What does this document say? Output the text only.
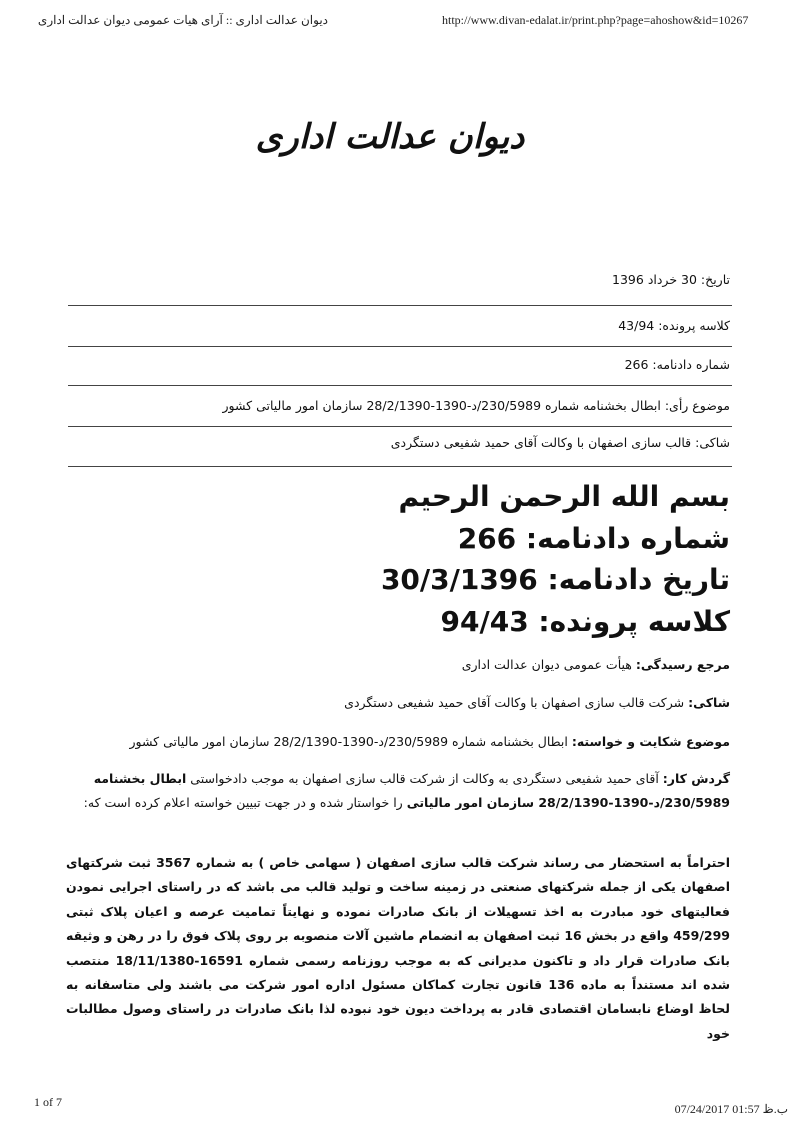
دیوان عدالت اداری :: آرای هیات عمومی دیوان عدالت اداری	http://www.divan-edalat.ir/print.php?page=ahoshow&id=10267
دیوان عدالت اداری
تاریخ: 30 خرداد 1396
کلاسه پرونده: 43/94
شماره دادنامه: 266
موضوع رأی: ابطال بخشنامه شماره 230/5989/د-1390-28/2/1390 سازمان امور مالیاتی کشور
شاکی: قالب سازی اصفهان با وکالت آقای حمید شفیعی دستگردی
بسم الله الرحمن الرحیم
شماره دادنامه: 266
تاریخ دادنامه: 30/3/1396
کلاسه پرونده: 94/43
مرجع رسیدگی: هیأت عمومی دیوان عدالت اداری
شاکی: شرکت قالب سازی اصفهان با وکالت آقای حمید شفیعی دستگردی
موضوع شکایت و خواسته: ابطال بخشنامه شماره 230/5989/د-1390-28/2/1390 سازمان امور مالیاتی کشور
گردش کار: آقای حمید شفیعی دستگردی به وکالت از شرکت قالب سازی اصفهان به موجب دادخواستی ابطال بخشنامه 230/5989/د-1390-28/2/1390 سازمان امور مالیاتی را خواستار شده و در جهت تبیین خواسته اعلام کرده است که:
احتراماً به استحضار می رساند شرکت قالب سازی اصفهان ( سهامی خاص ) به شماره 3567 ثبت شرکتهای اصفهان یکی از جمله شرکتهای صنعتی در زمینه ساخت و تولید قالب می باشد که در راستای اجرایی نمودن فعالیتهای خود مبادرت به اخذ تسهیلات از بانک صادرات نموده و نهایتاً تمامیت عرصه و اعیان پلاک ثبتی 459/299 واقع در بخش 16 ثبت اصفهان به انضمام ماشین آلات منصوبه بر روی پلاک فوق را در رهن و وثیقه بانک صادرات قرار داد و تاکنون مدیرانی که به موجب روزنامه رسمی شماره 16591-18/11/1380 منتصب شده اند مستنداً به ماده 136 قانون تجارت کماکان مسئول اداره امور شرکت می باشند ولی متاسفانه به لحاظ اوضاع نابسامان اقتصادی قادر به پرداخت دیون خود نبوده لذا بانک صادرات در راستای وصول مطالبات خود
1 of 7	07/24/2017 01:57 ب.ظ
